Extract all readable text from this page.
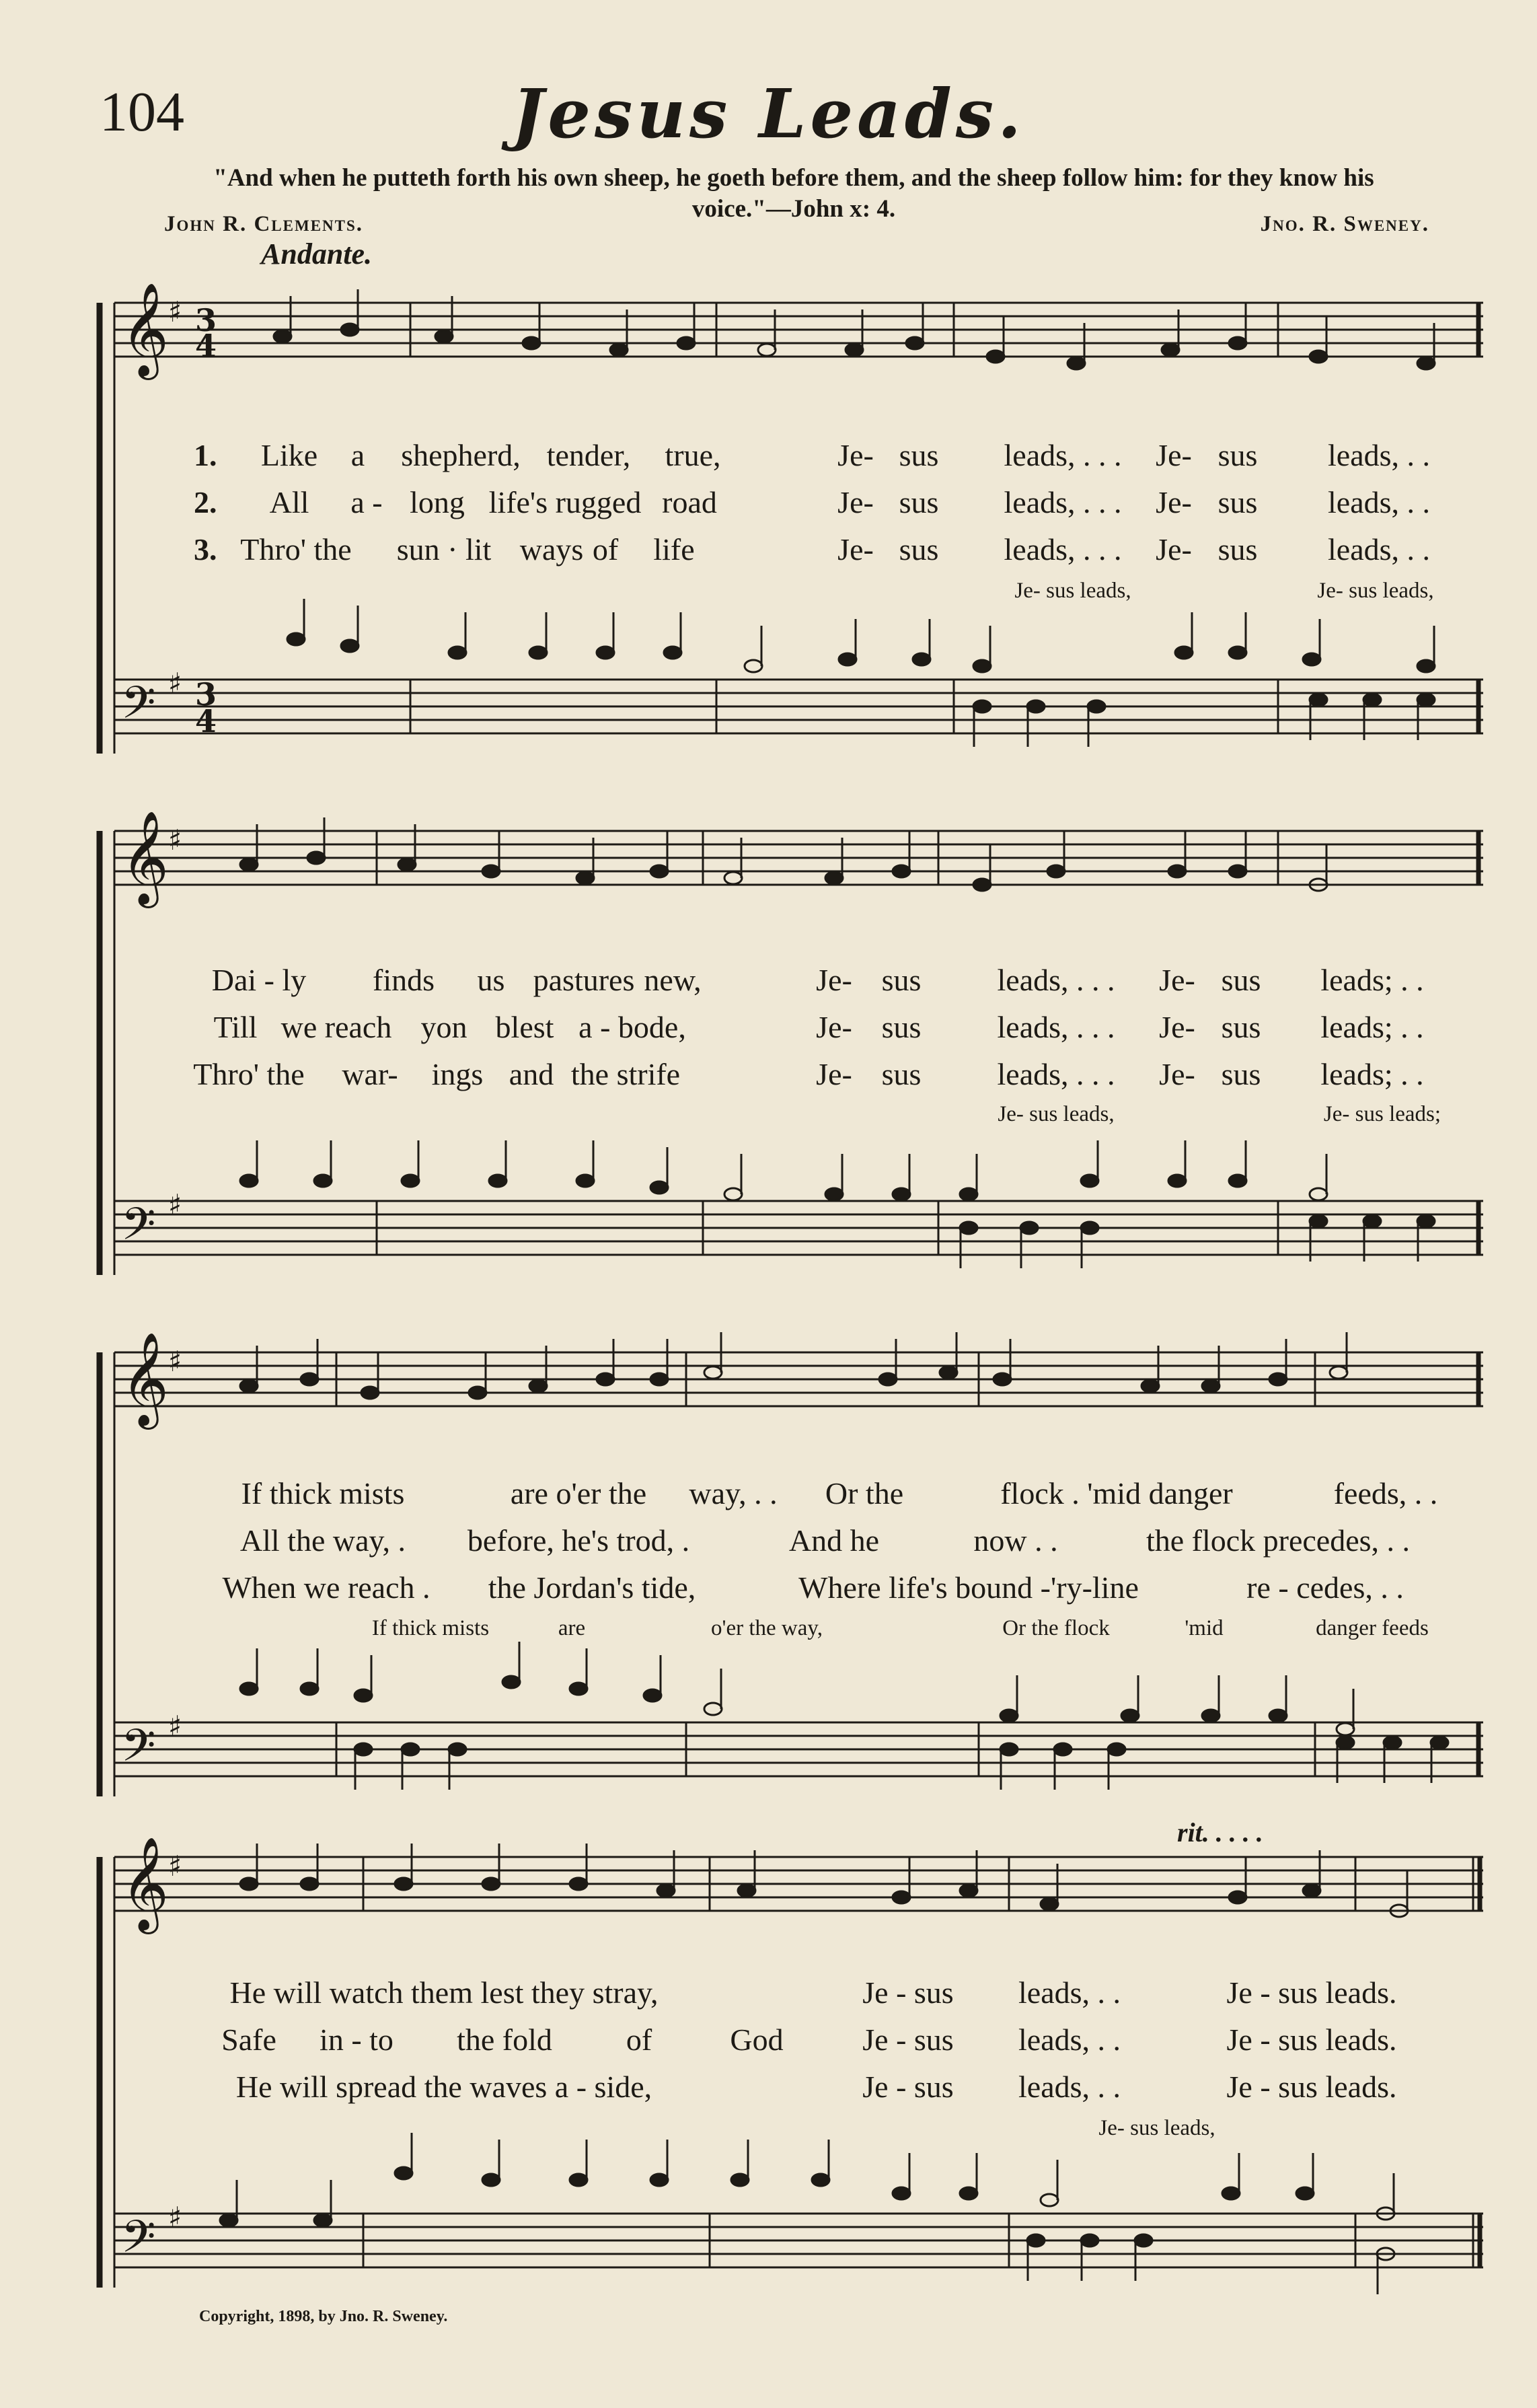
104	Jesus Leads.
"And when he putteth forth his own sheep, he goeth before them, and the sheep follow him: for they know his voice."—John x: 4.
John R. Clements.	Jno. R. Sweney.
Andante.
𝄞
𝄢
♯
♯
3
4
3
4
1. Like a shepherd, tender, true,	Je- sus leads, . . . Je- sus leads, . .
2. All a - long life's rugged road	Je- sus leads, . . . Je- sus leads, . .
3. Thro' the sun · lit ways of life	Je- sus leads, . . . Je- sus leads, . .
Je- sus leads,	Je- sus leads,
𝄞
𝄢
♯
♯
Dai - ly finds us pastures new,	Je- sus leads, . . . Je- sus leads; . .
Till we reach yon blest a - bode,	Je- sus leads, . . . Je- sus leads; . .
Thro' the war- ings and the strife	Je- sus leads, . . . Je- sus leads; . .
Je- sus leads,	Je- sus leads;
𝄞
𝄢
♯
♯
If thick mists	are o'er the way, . . Or the	flock . 'mid danger	feeds, . .
All the way, . before, he's trod, .	And he	now . .	the flock precedes, . .
When we reach . the Jordan's tide,	Where life's bound -'ry-line	re - cedes, . .
If thick mists	are	o'er the way,	Or the flock	'mid	danger feeds
rit. . . . .
𝄞
𝄢
♯
♯
He will watch them lest they stray,	Je - sus leads, . .	Je - sus leads.
Safe in - to the fold of	God	Je - sus leads, . .	Je - sus leads.
He will spread the waves a - side,	Je - sus leads, . .	Je - sus leads.
Je- sus leads,
Copyright, 1898, by Jno. R. Sweney.
